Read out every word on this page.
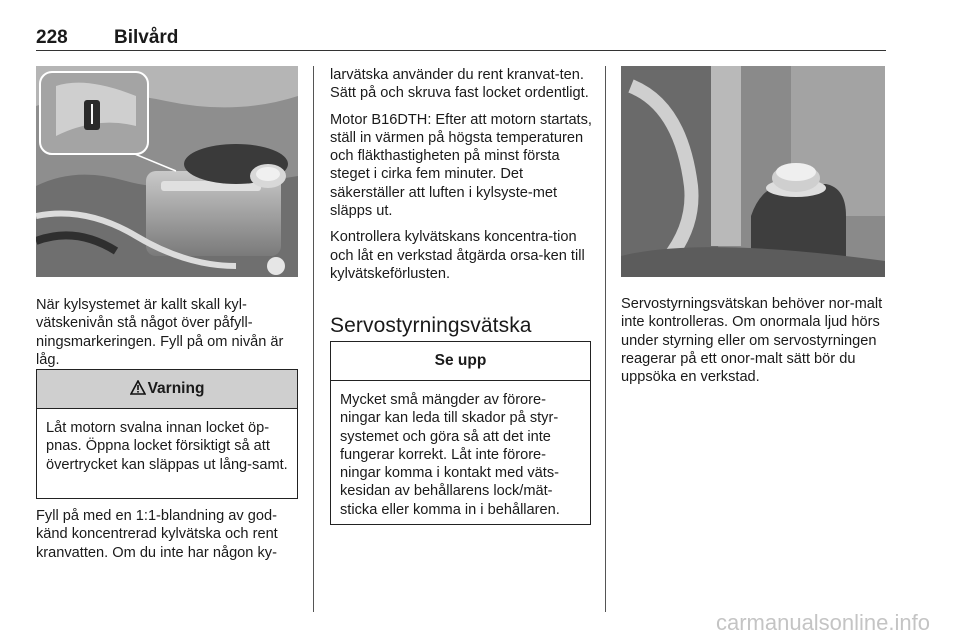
228 Bilvård

När kylsystemet är kallt skall kyl-vätskenivån stå något över påfyll-ningsmarkeringen. Fyll på om nivån är låg.

Varning
Låt motorn svalna innan locket öp-pnas. Öppna locket försiktigt så att övertrycket kan släppas ut lång-samt.

Fyll på med en 1:1-blandning av god-känd koncentrerad kylvätska och rent kranvatten. Om du inte har någon ky-

larvätska använder du rent kranvat-ten. Sätt på och skruva fast locket ordentligt.

Motor B16DTH: Efter att motorn startats, ställ in värmen på högsta temperaturen och fläkthastigheten på minst första steget i cirka fem minuter. Det säkerställer att luften i kylsyste-met släpps ut.

Kontrollera kylvätskans koncentra-tion och låt en verkstad åtgärda orsa-ken till kylvätskeförlusten.

Servostyrningsvätska
Se upp
Mycket små mängder av förore-ningar kan leda till skador på styr-systemet och göra så att det inte fungerar korrekt. Låt inte förore-ningar komma i kontakt med väts-kesidan av behållarens lock/mät-sticka eller komma in i behållaren.

Servostyrningsvätskan behöver nor-malt inte kontrolleras. Om onormala ljud hörs under styrning eller om servostyrningen reagerar på ett onor-malt sätt bör du uppsöka en verkstad.

carmanualsonline.info
